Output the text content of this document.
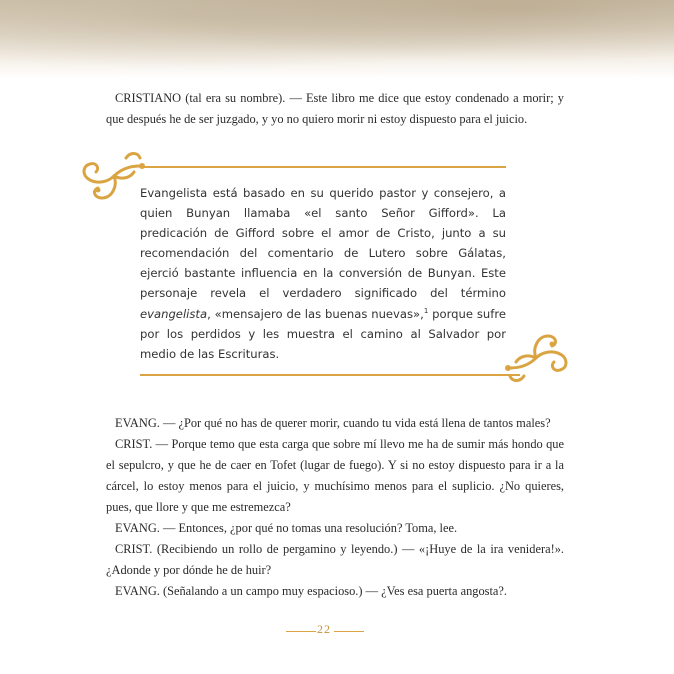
CRISTIANO (tal era su nombre). — Este libro me dice que estoy condenado a morir; y que después he de ser juzgado, y yo no quiero morir ni estoy dispuesto para el juicio.

Evangelista está basado en su querido pastor y consejero, a quien Bunyan llamaba «el santo Señor Gifford». La predicación de Gifford sobre el amor de Cristo, junto a su recomendación del comentario de Lutero sobre Gálatas, ejerció bastante influencia en la conversión de Bunyan. Este personaje revela el verdadero significado del término evangelista, «mensajero de las buenas nuevas»,$^1$ porque sufre por los perdidos y les muestra el camino al Salvador por medio de las Escrituras.

EVANG. — ¿Por qué no has de querer morir, cuando tu vida está llena de tantos males?

CRIST. — Porque temo que esta carga que sobre mí llevo me ha de sumir más hondo que el sepulcro, y que he de caer en Tofet (lugar de fuego). Y si no estoy dispuesto para ir a la cárcel, lo estoy menos para el juicio, y muchísimo menos para el suplicio. ¿No quieres, pues, que llore y que me estremezca?

EVANG. — Entonces, ¿por qué no tomas una resolución? Toma, lee.

CRIST. (Recibiendo un rollo de pergamino y leyendo.) — «¡Huye de la ira venidera!». ¿Adonde y por dónde he de huir?

EVANG. (Señalando a un campo muy espacioso.) — ¿Ves esa puerta angosta?.

22
